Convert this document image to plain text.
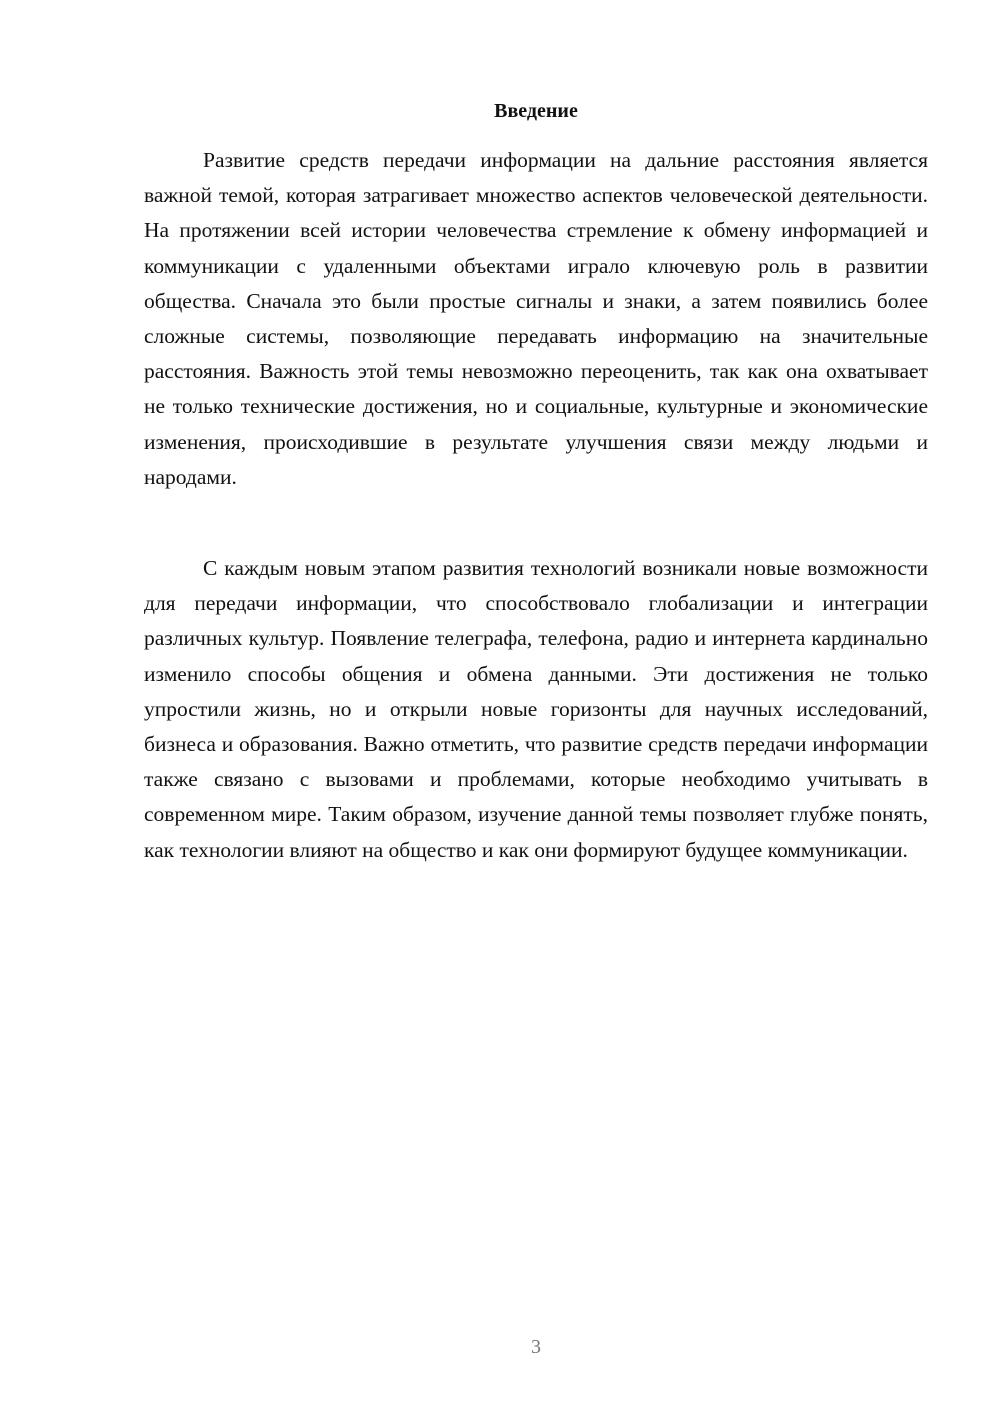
Введение

Развитие средств передачи информации на дальние расстояния является важной темой, которая затрагивает множество аспектов человеческой деятельности. На протяжении всей истории человечества стремление к обмену информацией и коммуникации с удаленными объектами играло ключевую роль в развитии общества. Сначала это были простые сигналы и знаки, а затем появились более сложные системы, позволяющие передавать информацию на значительные расстояния. Важность этой темы невозможно переоценить, так как она охватывает не только технические достижения, но и социальные, культурные и экономические изменения, происходившие в результате улучшения связи между людьми и народами.

С каждым новым этапом развития технологий возникали новые возможности для передачи информации, что способствовало глобализации и интеграции различных культур. Появление телеграфа, телефона, радио и интернета кардинально изменило способы общения и обмена данными. Эти достижения не только упростили жизнь, но и открыли новые горизонты для научных исследований, бизнеса и образования. Важно отметить, что развитие средств передачи информации также связано с вызовами и проблемами, которые необходимо учитывать в современном мире. Таким образом, изучение данной темы позволяет глубже понять, как технологии влияют на общество и как они формируют будущее коммуникации.

3
